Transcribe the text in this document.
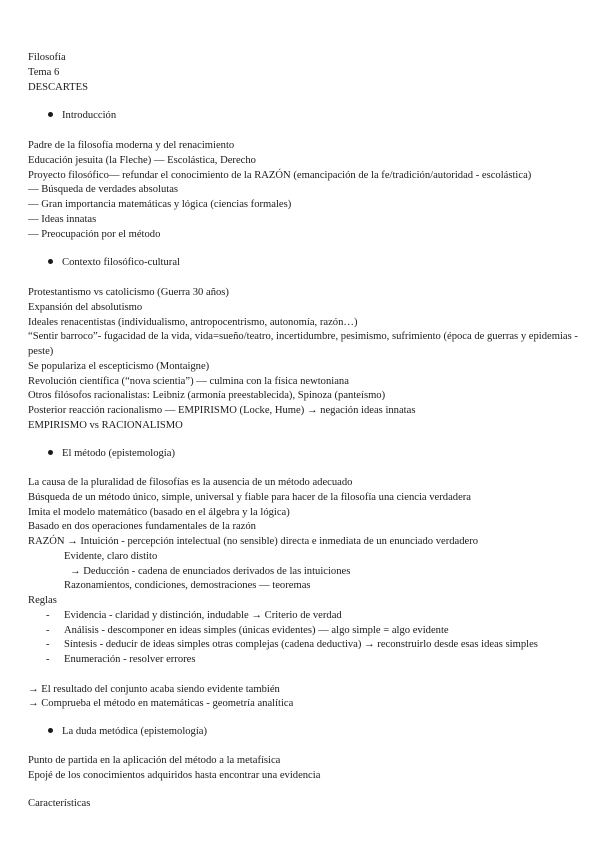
Filosofía
Tema 6
DESCARTES
Introducción
Padre de la filosofía moderna y del renacimiento
Educación jesuita (la Fleche) — Escolástica, Derecho
Proyecto filosófico— refundar el conocimiento de la RAZÓN (emancipación de la fe/tradición/autoridad - escolástica)
— Búsqueda de verdades absolutas
— Gran importancia matemáticas y lógica (ciencias formales)
— Ideas innatas
— Preocupación por el método
Contexto filosófico-cultural
Protestantismo vs catolicismo (Guerra 30 años)
Expansión del absolutismo
Ideales renacentistas (individualismo, antropocentrismo, autonomía, razón…)
“Sentir barroco”- fugacidad de la vida, vida=sueño/teatro, incertidumbre, pesimismo, sufrimiento (época de guerras y epidemias - peste)
Se populariza el escepticismo (Montaigne)
Revolución científica (“nova scientia”) — culmina con la física newtoniana
Otros filósofos racionalistas: Leibniz (armonía preestablecida), Spinoza (panteísmo)
Posterior reacción racionalismo — EMPIRISMO (Locke, Hume) → negación ideas innatas
EMPIRISMO vs RACIONALISMO
El método (epistemología)
La causa de la pluralidad de filosofías es la ausencia de un método adecuado
Búsqueda de un método único, simple, universal y fiable para hacer de la filosofía una ciencia verdadera
Imita el modelo matemático (basado en el álgebra y la lógica)
Basado en dos operaciones fundamentales de la razón
RAZÓN → Intuición - percepción intelectual (no sensible) directa e inmediata de un enunciado verdadero
Evidente, claro distito
→ Deducción - cadena de enunciados derivados de las intuiciones
Razonamientos, condiciones, demostraciones — teoremas
Reglas
- Evidencia - claridad y distinción, indudable → Criterio de verdad
- Análisis - descomponer en ideas simples (únicas evidentes) — algo simple = algo evidente
- Síntesis - deducir de ideas simples otras complejas (cadena deductiva) → reconstruirlo desde esas ideas simples
- Enumeración - resolver errores
→ El resultado del conjunto acaba siendo evidente también
→ Comprueba el método en matemáticas - geometría analítica
La duda metódica (epistemología)
Punto de partida en la aplicación del método a la metafísica
Epojé de los conocimientos adquiridos hasta encontrar una evidencia
Características
